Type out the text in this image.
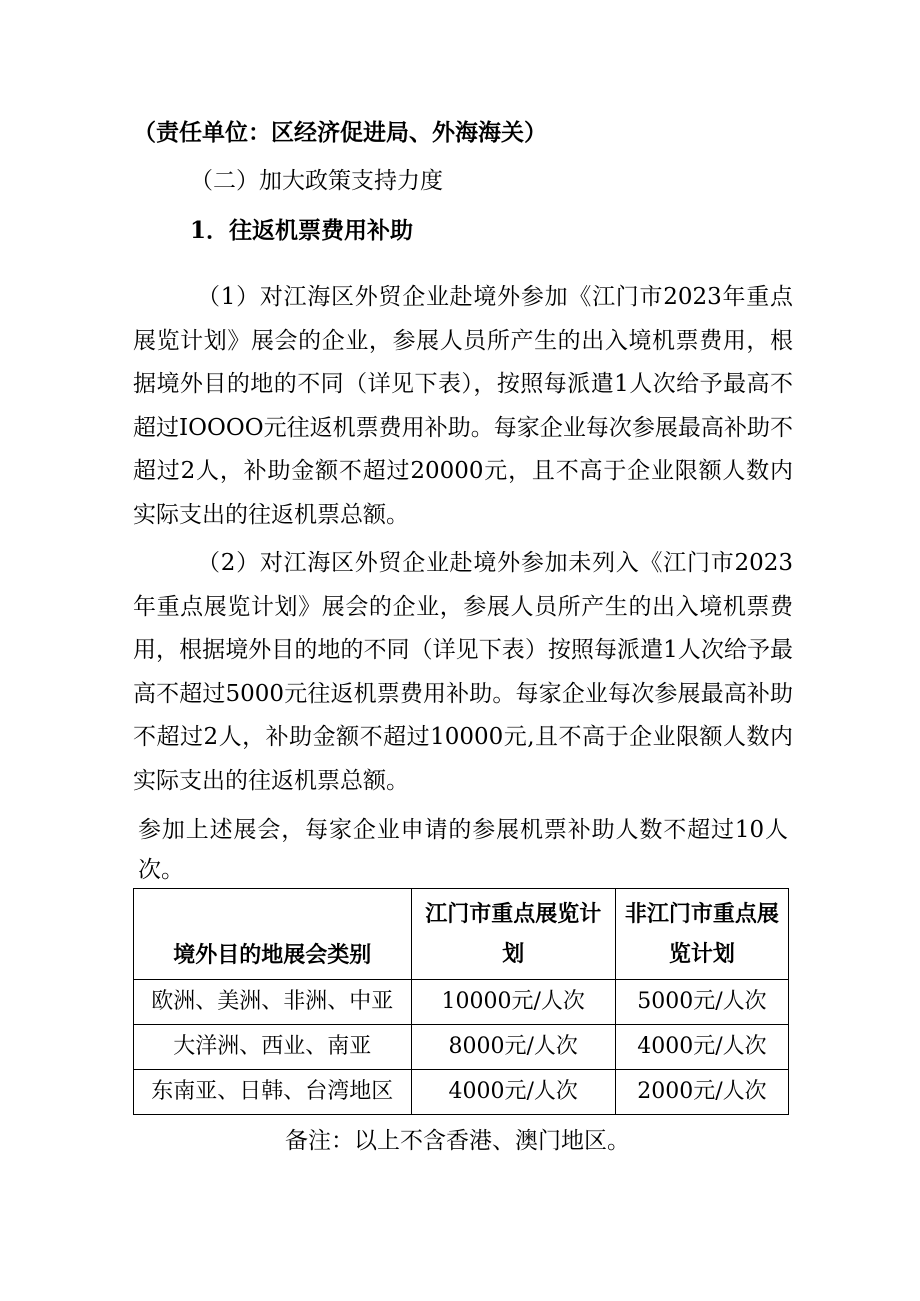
（责任单位：区经济促进局、外海海关）
（二）加大政策支持力度
1．往返机票费用补助

（1）对江海区外贸企业赴境外参加《江门市2023年重点展览计划》展会的企业，参展人员所产生的出入境机票费用，根据境外目的地的不同（详见下表），按照每派遣1人次给予最高不超过IOOOO元往返机票费用补助。每家企业每次参展最高补助不超过2人，补助金额不超过20000元，且不高于企业限额人数内实际支出的往返机票总额。

（2）对江海区外贸企业赴境外参加未列入《江门市2023年重点展览计划》展会的企业，参展人员所产生的出入境机票费用，根据境外目的地的不同（详见下表）按照每派遣1人次给予最高不超过5000元往返机票费用补助。每家企业每次参展最高补助不超过2人，补助金额不超过10000元,且不高于企业限额人数内实际支出的往返机票总额。

参加上述展会，每家企业申请的参展机票补助人数不超过10人次。

境外目的地展会类别	江门市重点展览计划	非江门市重点展览计划
欧洲、美洲、非洲、中亚	10000元/人次	5000元/人次
大洋洲、西业、南亚	8000元/人次	4000元/人次
东南亚、日韩、台湾地区	4000元/人次	2000元/人次
备注：以上不含香港、澳门地区。
